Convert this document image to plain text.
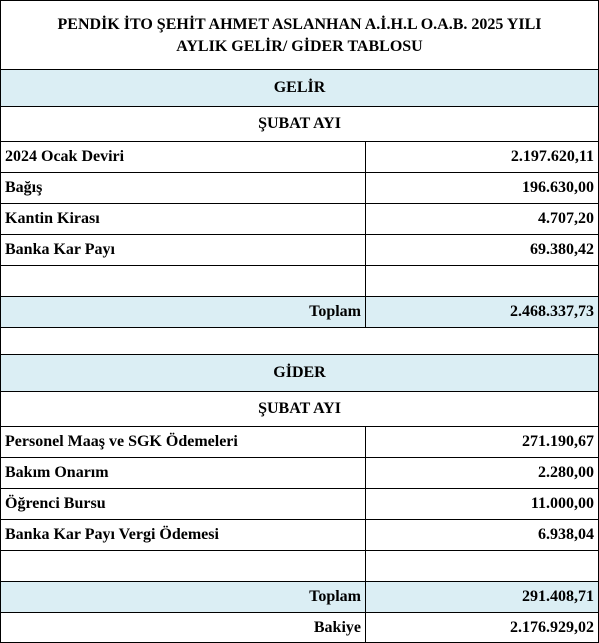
PENDİK İTO ŞEHİT AHMET ASLANHAN A.İ.H.L O.A.B. 2025 YILI
AYLIK GELİR/ GİDER TABLOSU	

GELİR	
ŞUBAT AYI	
2024 Ocak Deviri	2.197.620,11
Bağış	196.630,00
Kantin Kirası	4.707,20
Banka Kar Payı	69.380,42

Toplam	2.468.337,73

GİDER	
ŞUBAT AYI	
Personel Maaş ve SGK Ödemeleri	271.190,67
Bakım Onarım	2.280,00
Öğrenci Bursu	11.000,00
Banka Kar Payı Vergi Ödemesi	6.938,04

Toplam	291.408,71
Bakiye	2.176.929,02
